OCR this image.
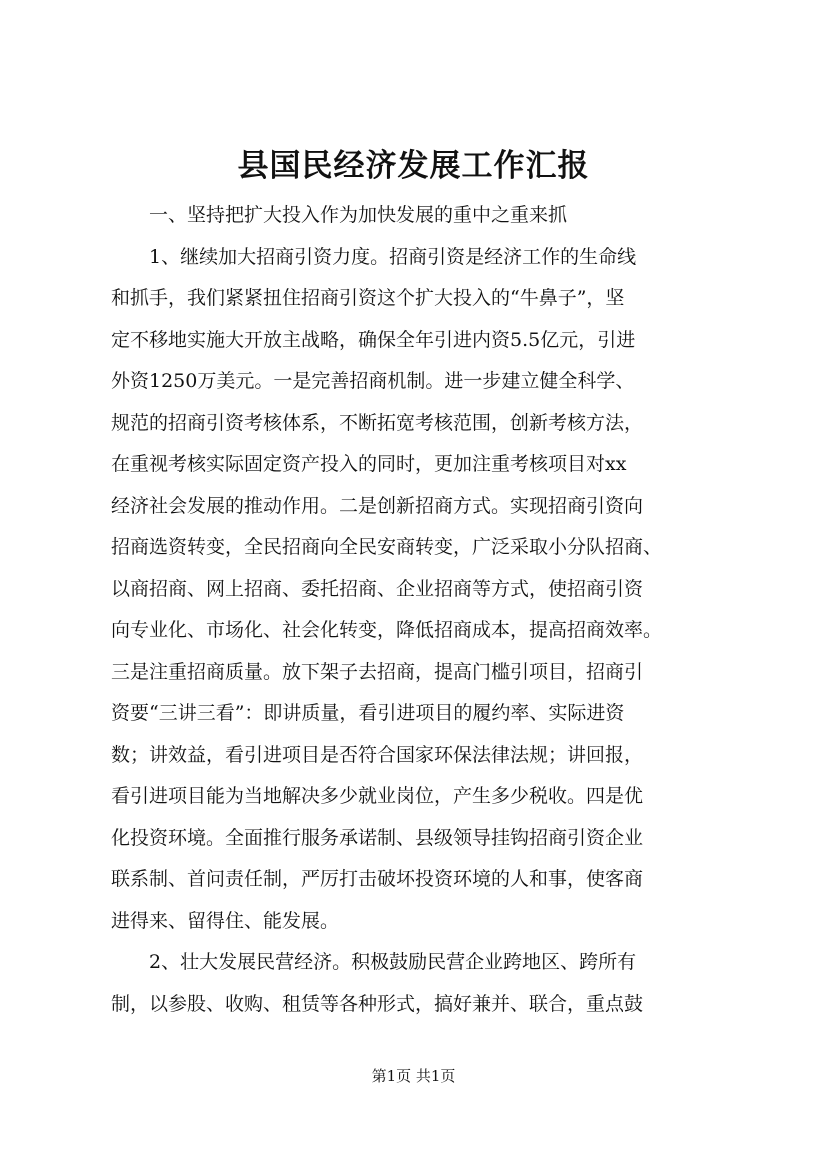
县国民经济发展工作汇报
　　一、坚持把扩大投入作为加快发展的重中之重来抓
　　1、继续加大招商引资力度。招商引资是经济工作的生命线
和抓手，我们紧紧扭住招商引资这个扩大投入的“牛鼻子”，坚
定不移地实施大开放主战略，确保全年引进内资5.5亿元，引进
外资1250万美元。一是完善招商机制。进一步建立健全科学、
规范的招商引资考核体系，不断拓宽考核范围，创新考核方法，
在重视考核实际固定资产投入的同时，更加注重考核项目对xx
经济社会发展的推动作用。二是创新招商方式。实现招商引资向
招商选资转变，全民招商向全民安商转变，广泛采取小分队招商、
以商招商、网上招商、委托招商、企业招商等方式，使招商引资
向专业化、市场化、社会化转变，降低招商成本，提高招商效率。
三是注重招商质量。放下架子去招商，提高门槛引项目，招商引
资要“三讲三看”：即讲质量，看引进项目的履约率、实际进资
数；讲效益，看引进项目是否符合国家环保法律法规；讲回报，
看引进项目能为当地解决多少就业岗位，产生多少税收。四是优
化投资环境。全面推行服务承诺制、县级领导挂钩招商引资企业
联系制、首问责任制，严厉打击破坏投资环境的人和事，使客商
进得来、留得住、能发展。
　　2、壮大发展民营经济。积极鼓励民营企业跨地区、跨所有
制，以参股、收购、租赁等各种形式，搞好兼并、联合，重点鼓
第1页 共1页
